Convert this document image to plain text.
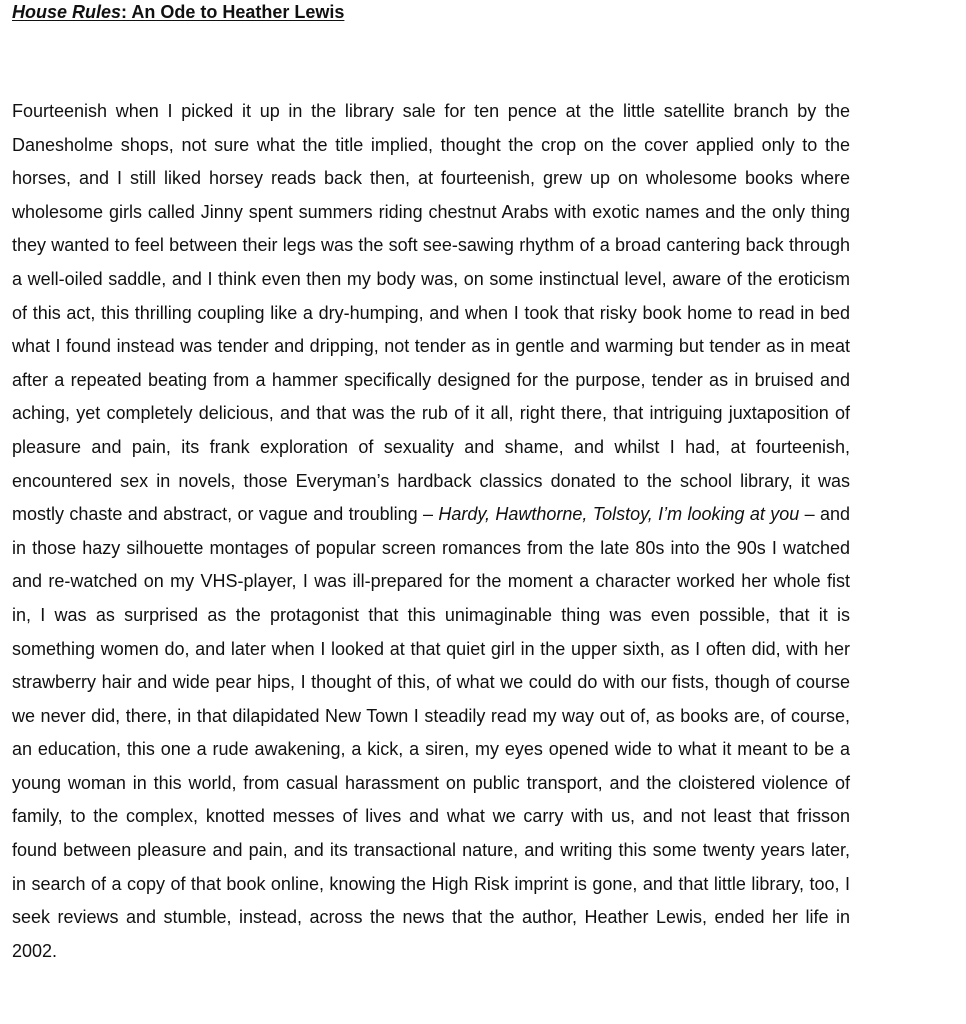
House Rules: An Ode to Heather Lewis

Fourteenish when I picked it up in the library sale for ten pence at the little satellite branch by the Danesholme shops, not sure what the title implied, thought the crop on the cover applied only to the horses, and I still liked horsey reads back then, at fourteenish, grew up on wholesome books where wholesome girls called Jinny spent summers riding chestnut Arabs with exotic names and the only thing they wanted to feel between their legs was the soft see-sawing rhythm of a broad cantering back through a well-oiled saddle, and I think even then my body was, on some instinctual level, aware of the eroticism of this act, this thrilling coupling like a dry-humping, and when I took that risky book home to read in bed what I found instead was tender and dripping, not tender as in gentle and warming but tender as in meat after a repeated beating from a hammer specifically designed for the purpose, tender as in bruised and aching, yet completely delicious, and that was the rub of it all, right there, that intriguing juxtaposition of pleasure and pain, its frank exploration of sexuality and shame, and whilst I had, at fourteenish, encountered sex in novels, those Everyman’s hardback classics donated to the school library, it was mostly chaste and abstract, or vague and troubling – Hardy, Hawthorne, Tolstoy, I’m looking at you – and in those hazy silhouette montages of popular screen romances from the late 80s into the 90s I watched and re-watched on my VHS-player, I was ill-prepared for the moment a character worked her whole fist in, I was as surprised as the protagonist that this unimaginable thing was even possible, that it is something women do, and later when I looked at that quiet girl in the upper sixth, as I often did, with her strawberry hair and wide pear hips, I thought of this, of what we could do with our fists, though of course we never did, there, in that dilapidated New Town I steadily read my way out of, as books are, of course, an education, this one a rude awakening, a kick, a siren, my eyes opened wide to what it meant to be a young woman in this world, from casual harassment on public transport, and the cloistered violence of family, to the complex, knotted messes of lives and what we carry with us, and not least that frisson found between pleasure and pain, and its transactional nature, and writing this some twenty years later, in search of a copy of that book online, knowing the High Risk imprint is gone, and that little library, too, I seek reviews and stumble, instead, across the news that the author, Heather Lewis, ended her life in 2002.
